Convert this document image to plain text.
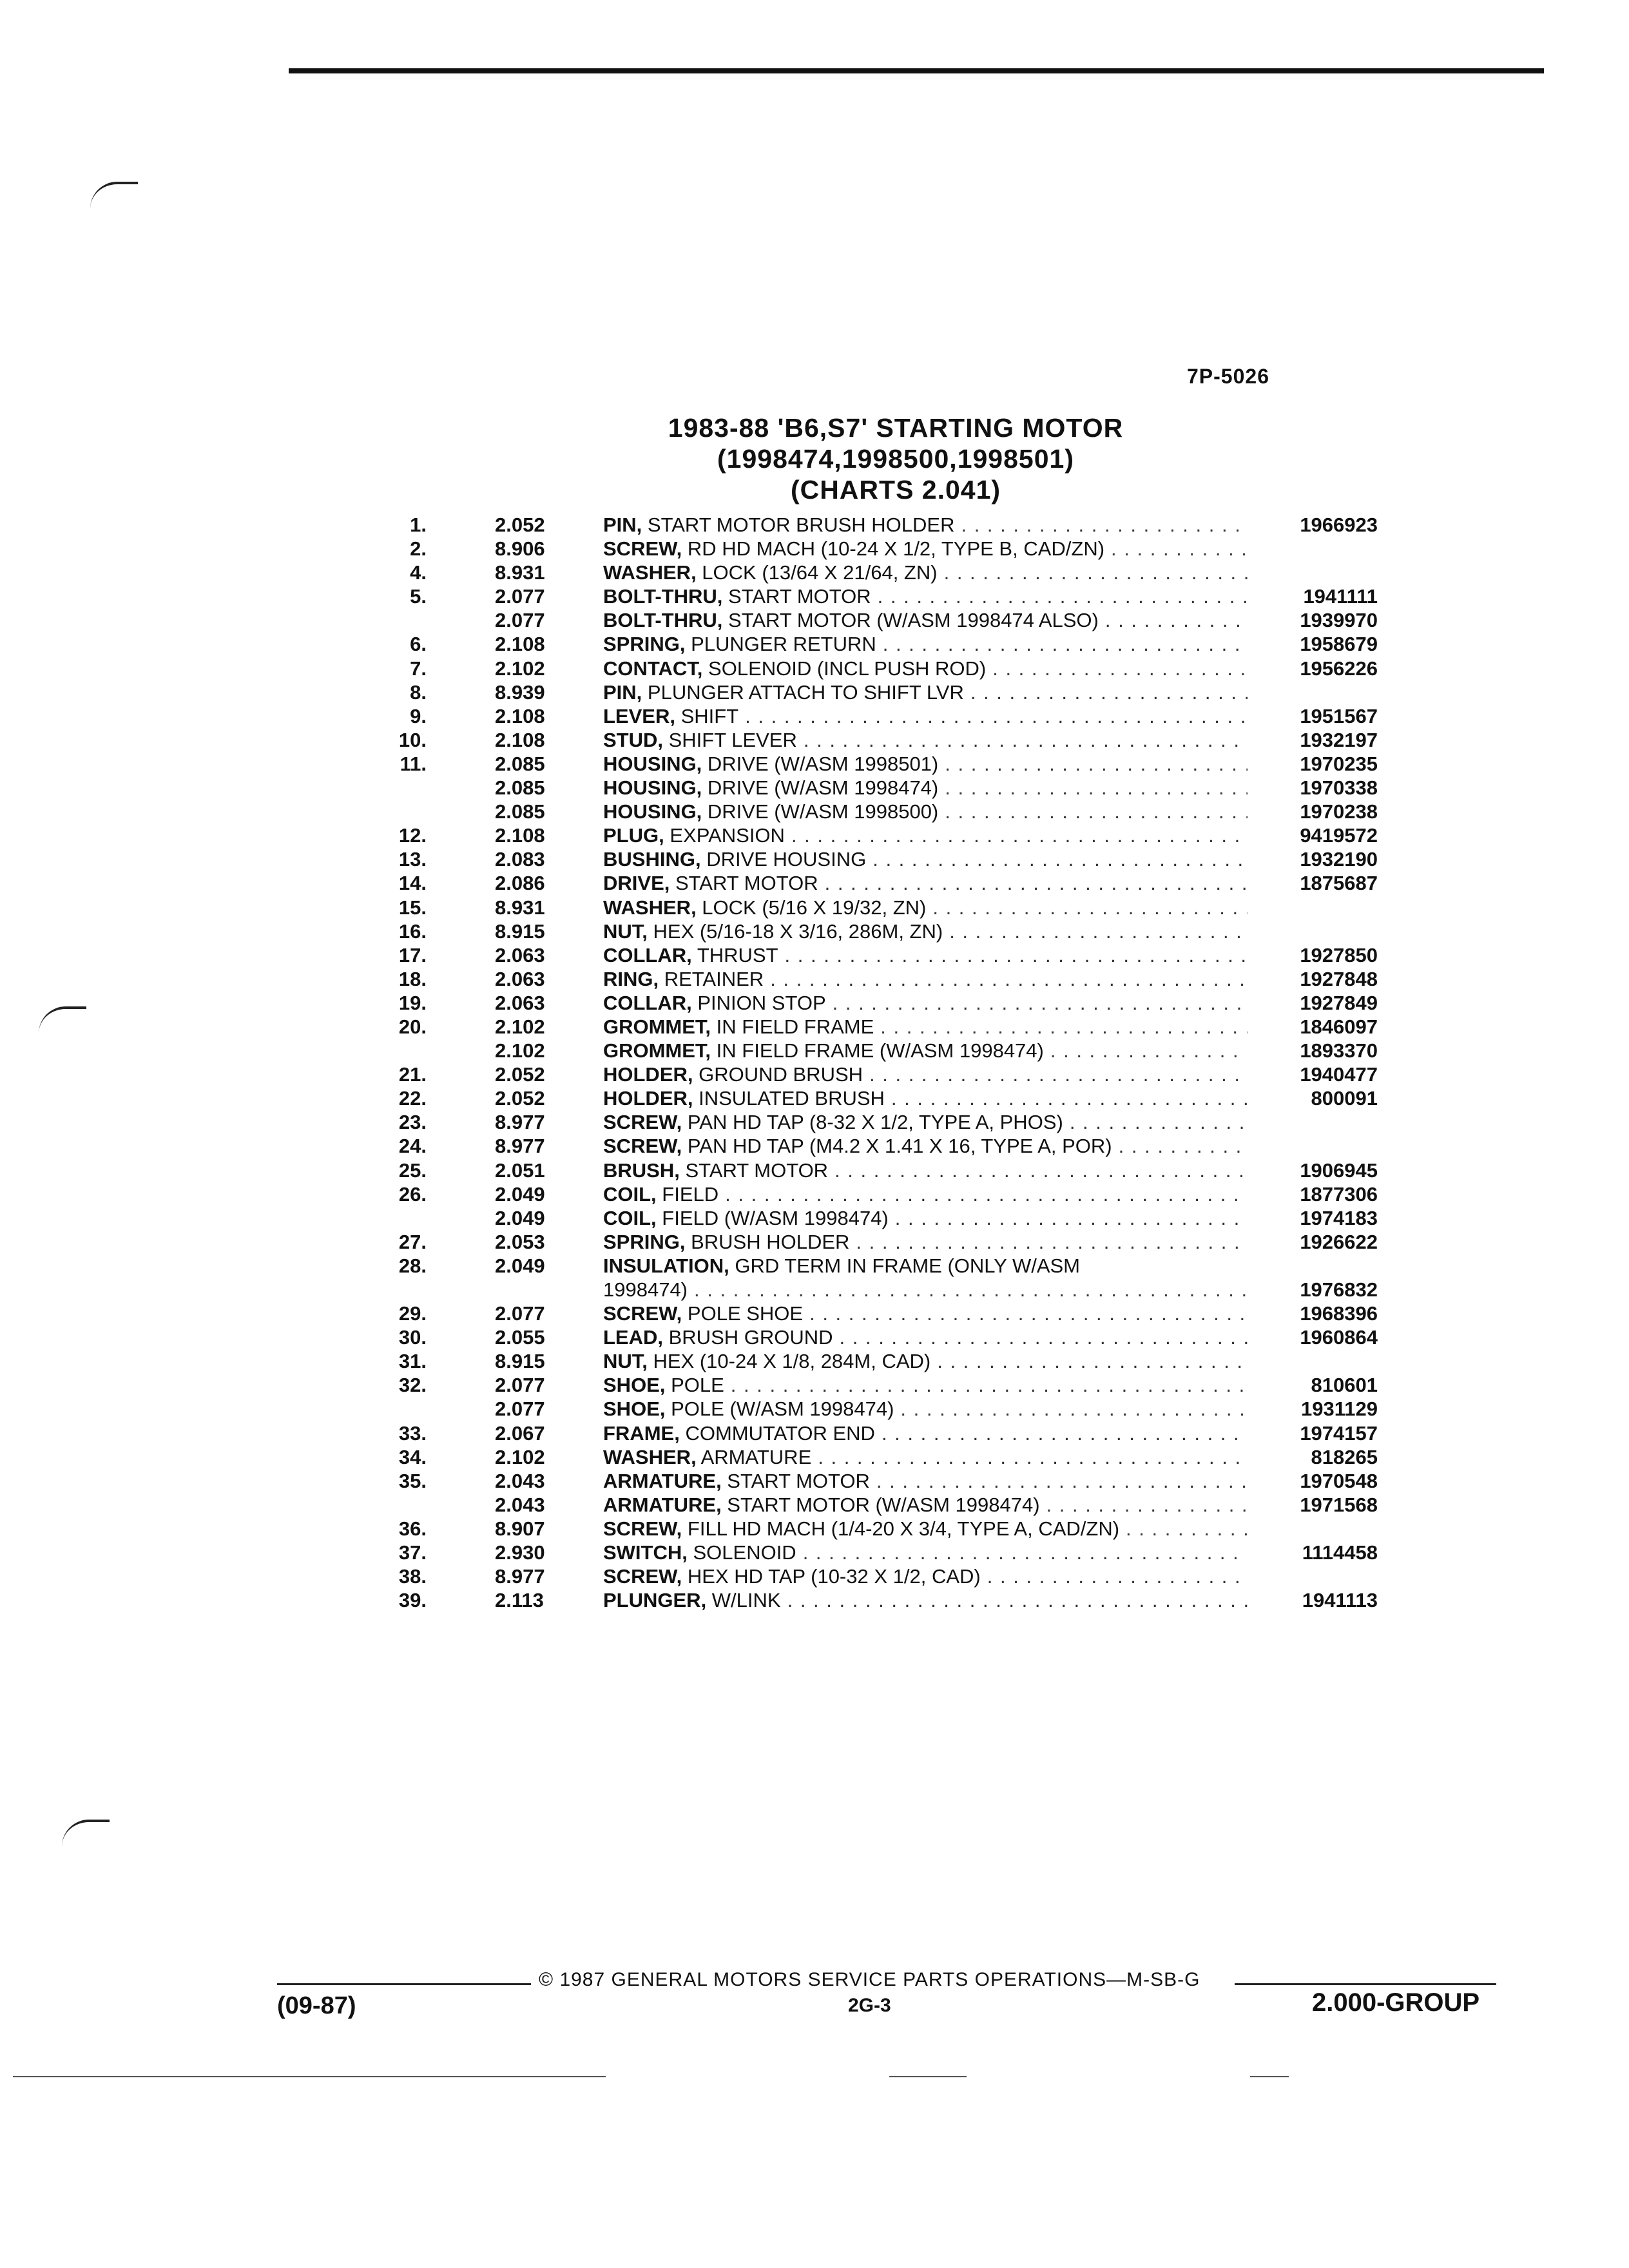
7P-5026
1983-88 'B6,S7' STARTING MOTOR
(1998474,1998500,1998501)
(CHARTS 2.041)
1.	2.052	PIN, START MOTOR BRUSH HOLDER . . .	1966923
2.	8.906	SCREW, RD HD MACH (10-24 X 1/2, TYPE B, CAD/ZN)
. . .
4.	8.931	WASHER, LOCK (13/64 X 21/64, ZN)
. . .
5.	2.077	BOLT-THRU, START MOTOR . . .	1941111
2.077	BOLT-THRU, START MOTOR (W/ASM 1998474 ALSO) . . .	1939970
6.	2.108	SPRING, PLUNGER RETURN . . .	1958679
7.	2.102	CONTACT, SOLENOID (INCL PUSH ROD) . . .	1956226
8.	8.939	PIN, PLUNGER ATTACH TO SHIFT LVR
. . .
9.	2.108	LEVER, SHIFT . . .	1951567
10.	2.108	STUD, SHIFT LEVER . . .	1932197
11.	2.085	HOUSING, DRIVE (W/ASM 1998501) . . .	1970235
2.085	HOUSING, DRIVE (W/ASM 1998474) . . .	1970338
2.085	HOUSING, DRIVE (W/ASM 1998500) . . .	1970238
12.	2.108	PLUG, EXPANSION . . .	9419572
13.	2.083	BUSHING, DRIVE HOUSING . . .	1932190
14.	2.086	DRIVE, START MOTOR . . .	1875687
15.	8.931	WASHER, LOCK (5/16 X 19/32, ZN)
. . .
16.	8.915	NUT, HEX (5/16-18 X 3/16, 286M, ZN)
. . .
17.	2.063	COLLAR, THRUST . . .	1927850
18.	2.063	RING, RETAINER . . .	1927848
19.	2.063	COLLAR, PINION STOP . . .	1927849
20.	2.102	GROMMET, IN FIELD FRAME . . .	1846097
2.102	GROMMET, IN FIELD FRAME (W/ASM 1998474) . . .	1893370
21.	2.052	HOLDER, GROUND BRUSH . . .	1940477
22.	2.052	HOLDER, INSULATED BRUSH . . .	800091
23.	8.977	SCREW, PAN HD TAP (8-32 X 1/2, TYPE A, PHOS)
. . .
24.	8.977	SCREW, PAN HD TAP (M4.2 X 1.41 X 16, TYPE A, POR)
. . .
25.	2.051	BRUSH, START MOTOR . . .	1906945
26.	2.049	COIL, FIELD . . .	1877306
2.049	COIL, FIELD (W/ASM 1998474) . . .	1974183
27.	2.053	SPRING, BRUSH HOLDER . . .	1926622
28.	2.049	INSULATION, GRD TERM IN FRAME (ONLY W/ASM
1998474) . . .	1976832
29.	2.077	SCREW, POLE SHOE . . .	1968396
30.	2.055	LEAD, BRUSH GROUND . . .	1960864
31.	8.915	NUT, HEX (10-24 X 1/8, 284M, CAD)
. . .
32.	2.077	SHOE, POLE . . .	810601
2.077	SHOE, POLE (W/ASM 1998474) . . .	1931129
33.	2.067	FRAME, COMMUTATOR END . . .	1974157
34.	2.102	WASHER, ARMATURE . . .	818265
35.	2.043	ARMATURE, START MOTOR . . .	1970548
2.043	ARMATURE, START MOTOR (W/ASM 1998474) . . .	1971568
36.	8.907	SCREW, FILL HD MACH (1/4-20 X 3/4, TYPE A, CAD/ZN)
. . .
37.	2.930	SWITCH, SOLENOID . . .	1114458
38.	8.977	SCREW, HEX HD TAP (10-32 X 1/2, CAD)
. . .
39.	2.113	PLUNGER, W/LINK . . .	1941113
© 1987 GENERAL MOTORS SERVICE PARTS OPERATIONS—M-SB-G
(09-87)	2G-3	2.000-GROUP
